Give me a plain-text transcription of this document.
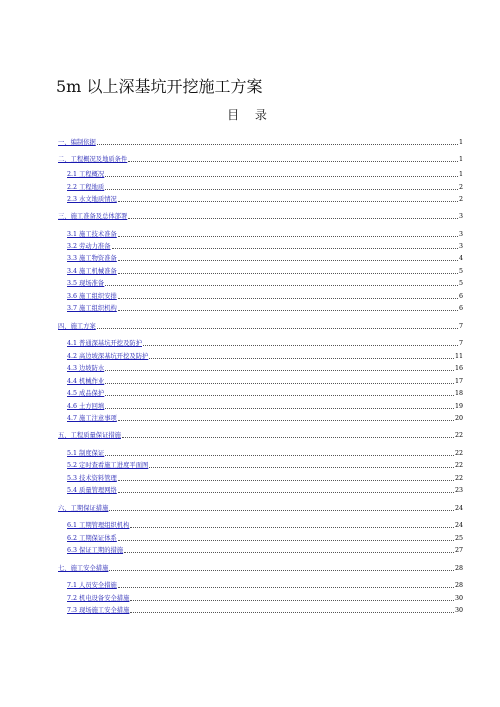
5m 以上深基坑开挖施工方案
目 录
一、编制依据	1
二、工程概况及地质条件	1
2.1 工程概况	1
2.2 工程地质	2
2.3 水文地质情况	2
三、施工准备及总体部署	3
3.1 施工技术准备	3
3.2 劳动力准备	3
3.3 施工物资准备	4
3.4 施工机械准备	5
3.5 现场准备	5
3.6 施工组织安排	6
3.7 施工组织机构	6
四、施工方案	7
4.1 普通深基坑开挖及防护	7
4.2 高边坡深基坑开挖及防护	11
4.3 边坡防水	16
4.4 机械作业	17
4.5 成品保护	18
4.6 土方回填	19
4.7 施工注意事项	20
五、工程质量保证措施	22
5.1 制度保证	22
5.2 定时查看施工进度平面图	22
5.3 技术资料管理	22
5.4 质量管理网络	23
六、工期保证措施	24
6.1 工期管理组织机构	24
6.2 工期保证体系	25
6.3 保证工期的措施	27
七、施工安全措施	28
7.1 人员安全措施	28
7.2 机电设备安全措施	30
7.3 现场施工安全措施	30
